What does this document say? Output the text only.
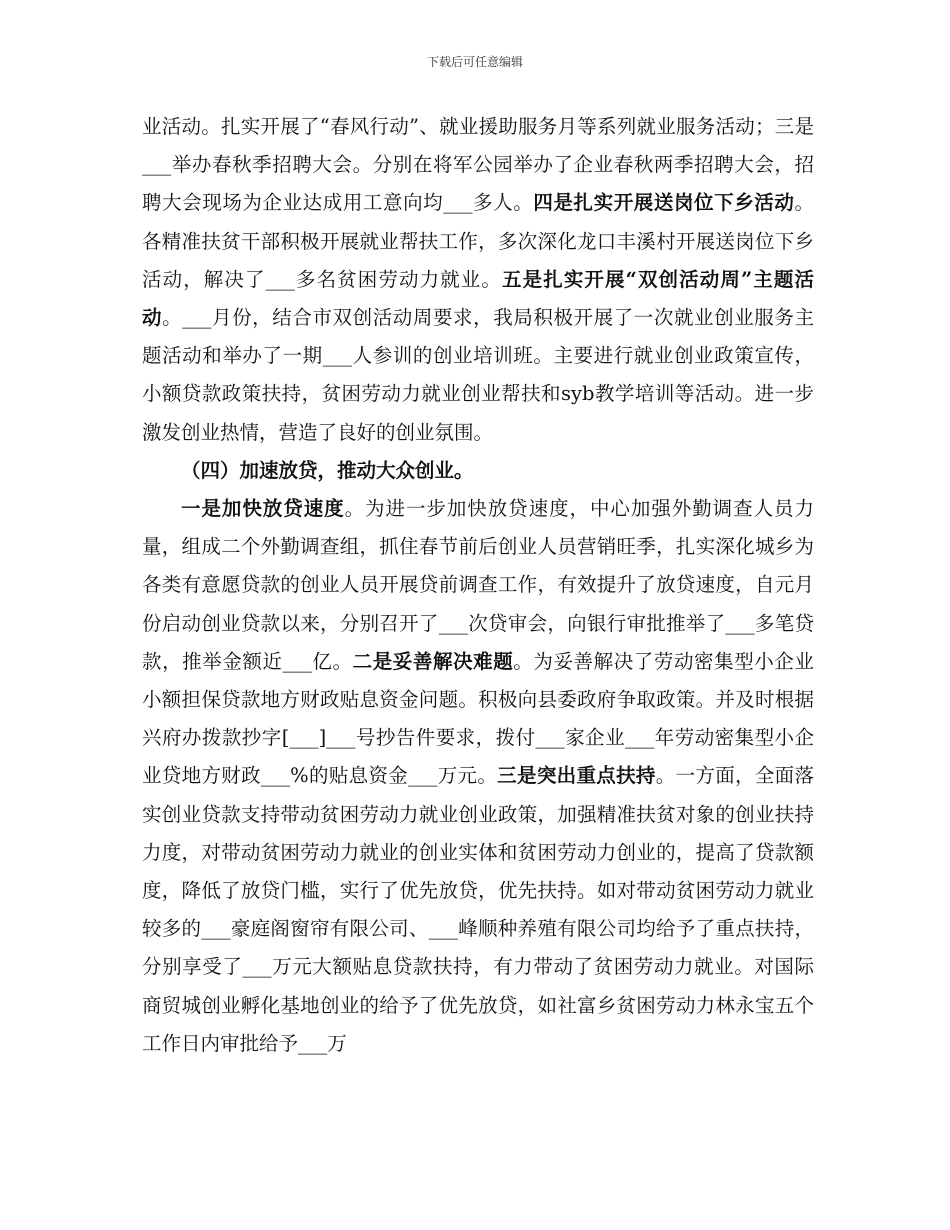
下载后可任意编辑

业活动。扎实开展了“春风行动”、就业援助服务月等系列就业服务活动；三是___举办春秋季招聘大会。分别在将军公园举办了企业春秋两季招聘大会，招聘大会现场为企业达成用工意向均___多人。四是扎实开展送岗位下乡活动。各精准扶贫干部积极开展就业帮扶工作，多次深化龙口丰溪村开展送岗位下乡活动，解决了___多名贫困劳动力就业。五是扎实开展“双创活动周”主题活动。___月份，结合市双创活动周要求，我局积极开展了一次就业创业服务主题活动和举办了一期___人参训的创业培训班。主要进行就业创业政策宣传，小额贷款政策扶持，贫困劳动力就业创业帮扶和syb教学培训等活动。进一步激发创业热情，营造了良好的创业氛围。

（四）加速放贷，推动大众创业。

一是加快放贷速度。为进一步加快放贷速度，中心加强外勤调查人员力量，组成二个外勤调查组，抓住春节前后创业人员营销旺季，扎实深化城乡为各类有意愿贷款的创业人员开展贷前调查工作，有效提升了放贷速度，自元月份启动创业贷款以来，分别召开了___次贷审会，向银行审批推举了___多笔贷款，推举金额近___亿。二是妥善解决难题。为妥善解决了劳动密集型小企业小额担保贷款地方财政贴息资金问题。积极向县委政府争取政策。并及时根据兴府办拨款抄字[___]___号抄告件要求，拨付___家企业___年劳动密集型小企业贷地方财政___%的贴息资金___万元。三是突出重点扶持。一方面，全面落实创业贷款支持带动贫困劳动力就业创业政策，加强精准扶贫对象的创业扶持力度，对带动贫困劳动力就业的创业实体和贫困劳动力创业的，提高了贷款额度，降低了放贷门槛，实行了优先放贷，优先扶持。如对带动贫困劳动力就业较多的___豪庭阁窗帘有限公司、___峰顺种养殖有限公司均给予了重点扶持，分别享受了___万元大额贴息贷款扶持，有力带动了贫困劳动力就业。对国际商贸城创业孵化基地创业的给予了优先放贷，如社富乡贫困劳动力林永宝五个工作日内审批给予___万
